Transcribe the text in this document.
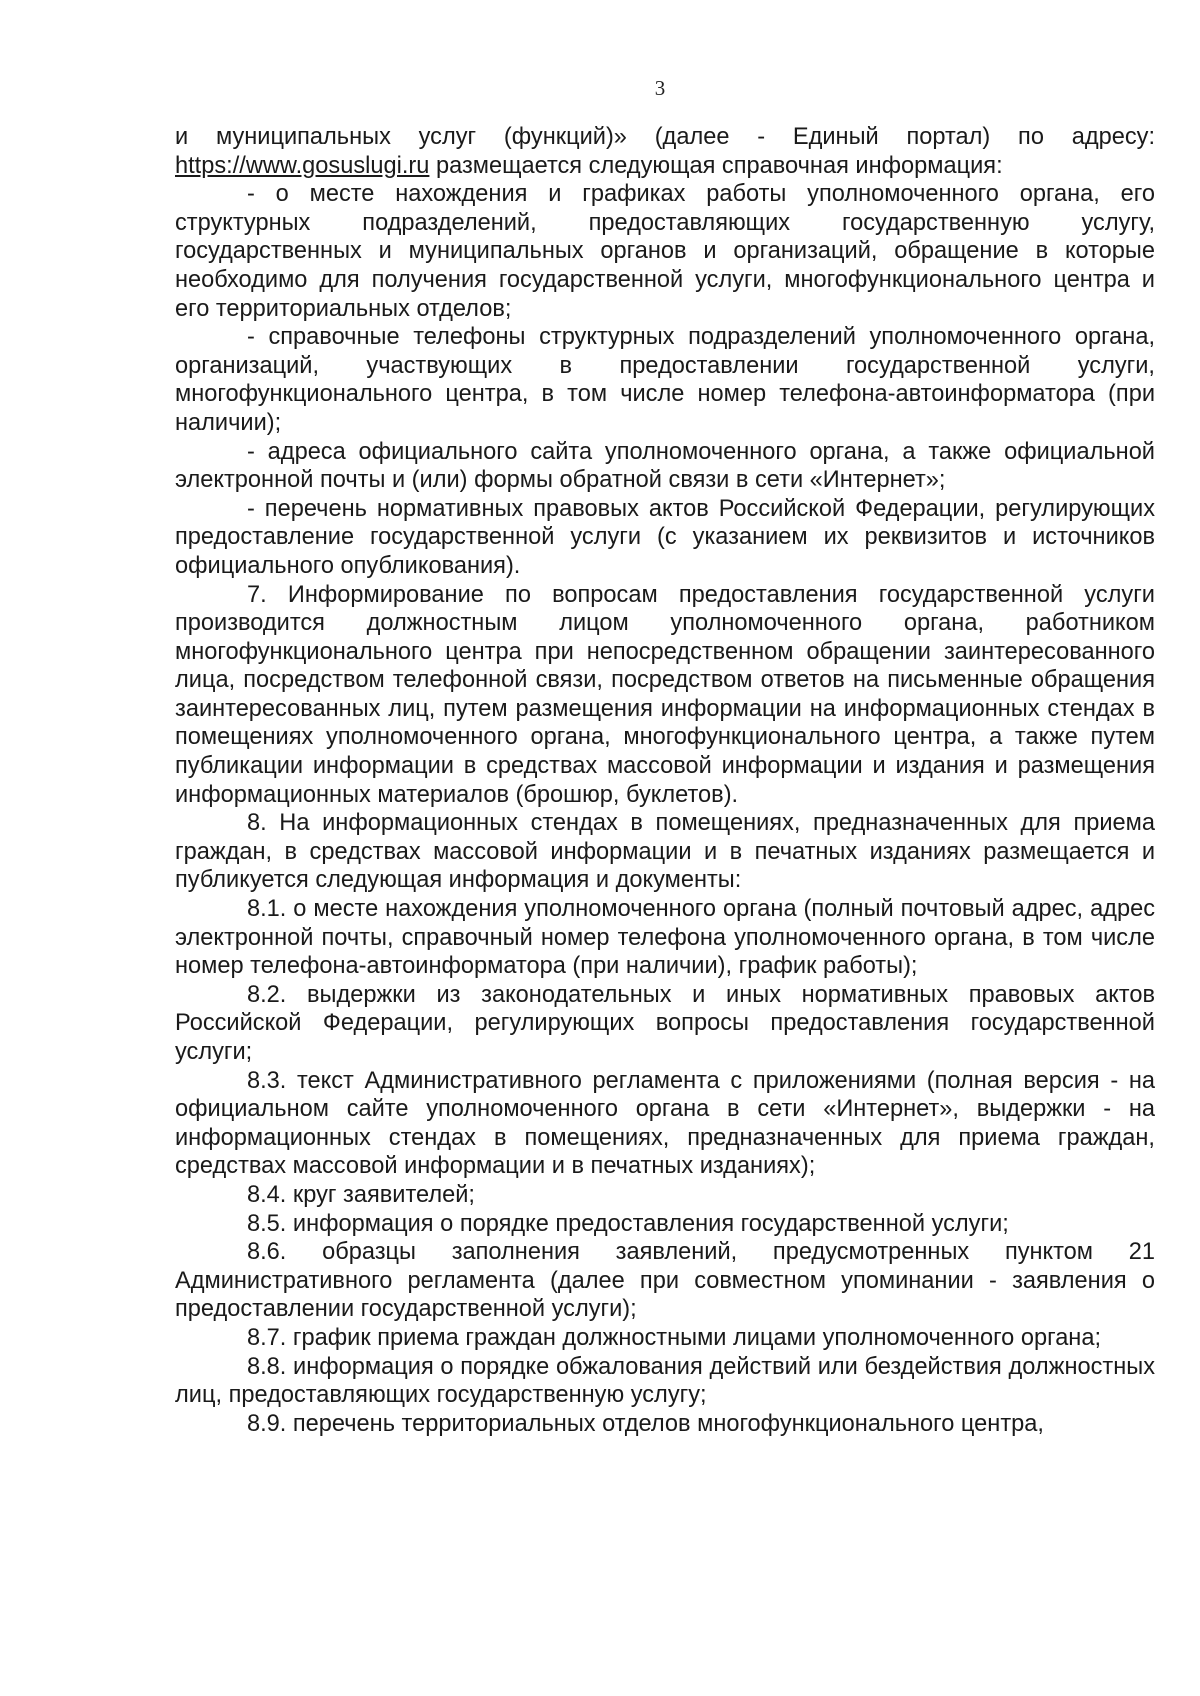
3

и муниципальных услуг (функций)» (далее - Единый портал) по адресу: https://www.gosuslugi.ru размещается следующая справочная информация:

- о месте нахождения и графиках работы уполномоченного органа, его структурных подразделений, предоставляющих государственную услугу, государственных и муниципальных органов и организаций, обращение в которые необходимо для получения государственной услуги, многофункционального центра и его территориальных отделов;

- справочные телефоны структурных подразделений уполномоченного органа, организаций, участвующих в предоставлении государственной услуги, многофункционального центра, в том числе номер телефона-автоинформатора (при наличии);

- адреса официального сайта уполномоченного органа, а также официальной электронной почты и (или) формы обратной связи в сети «Интернет»;

- перечень нормативных правовых актов Российской Федерации, регулирующих предоставление государственной услуги (с указанием их реквизитов и источников официального опубликования).

7. Информирование по вопросам предоставления государственной услуги производится должностным лицом уполномоченного органа, работником многофункционального центра при непосредственном обращении заинтересованного лица, посредством телефонной связи, посредством ответов на письменные обращения заинтересованных лиц, путем размещения информации на информационных стендах в помещениях уполномоченного органа, многофункционального центра, а также путем публикации информации в средствах массовой информации и издания и размещения информационных материалов (брошюр, буклетов).

8. На информационных стендах в помещениях, предназначенных для приема граждан, в средствах массовой информации и в печатных изданиях размещается и публикуется следующая информация и документы:

8.1. о месте нахождения уполномоченного органа (полный почтовый адрес, адрес электронной почты, справочный номер телефона уполномоченного органа, в том числе номер телефона-автоинформатора (при наличии), график работы);

8.2. выдержки из законодательных и иных нормативных правовых актов Российской Федерации, регулирующих вопросы предоставления государственной услуги;

8.3. текст Административного регламента с приложениями (полная версия - на официальном сайте уполномоченного органа в сети «Интернет», выдержки - на информационных стендах в помещениях, предназначенных для приема граждан, средствах массовой информации и в печатных изданиях);

8.4. круг заявителей;

8.5. информация о порядке предоставления государственной услуги;

8.6. образцы заполнения заявлений, предусмотренных пунктом 21 Административного регламента (далее при совместном упоминании - заявления о предоставлении государственной услуги);

8.7. график приема граждан должностными лицами уполномоченного органа;

8.8. информация о порядке обжалования действий или бездействия должностных лиц, предоставляющих государственную услугу;

8.9. перечень территориальных отделов многофункционального центра,
